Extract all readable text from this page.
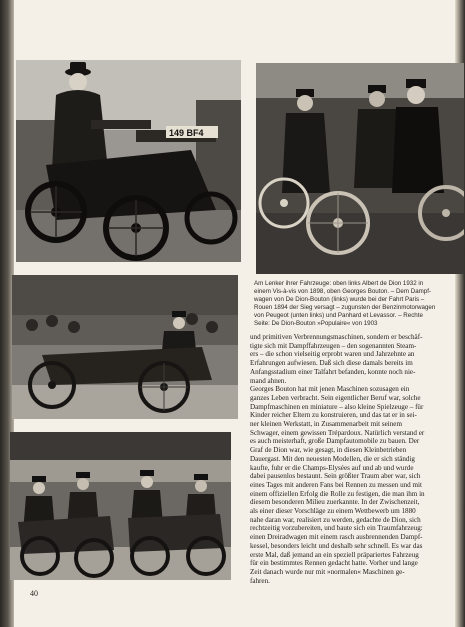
149 BF4
Am Lenker ihrer Fahrzeuge: oben links Albert de Dion 1932 in
einem Vis-à-vis von 1898, oben Georges Bouton. – Dem Dampf-
wagen von De Dion-Bouton (links) wurde bei der Fahrt Paris –
Rouen 1894 der Sieg versagt – zugunsten der Benzinmotorwagen
von Peugeot (unten links) und Panhard et Levassor. – Rechte
Seite: De Dion-Bouton »Populaire« von 1903
und primitiven Verbrennungsmaschinen, sondern er beschäf-
tigte sich mit Dampffahrzeugen – den sogenannten Steam-
ers – die schon vielseitig erprobt waren und Jahrzehnte an
Erfahrungen aufwiesen. Daß sich diese damals bereits im
Anfangsstadium einer Talfahrt befanden, konnte noch nie-
mand ahnen.
Georges Bouton hat mit jenen Maschinen sozusagen ein
ganzes Leben verbracht. Sein eigentlicher Beruf war, solche
Dampfmaschinen en miniature – also kleine Spielzeuge – für
Kinder reicher Eltern zu konstruieren, und das tat er in sei-
ner kleinen Werkstatt, in Zusammenarbeit mit seinem
Schwager, einem gewissen Trépardoux. Natürlich verstand er
es auch meisterhaft, große Dampfautomobile zu bauen. Der
Graf de Dion war, wie gesagt, in diesen Kleinbetrieben
Dauergast. Mit den neuesten Modellen, die er sich ständig
kaufte, fuhr er die Champs-Elysées auf und ab und wurde
dabei pausenlos bestaunt. Sein größter Traum aber war, sich
eines Tages mit anderen Fans bei Rennen zu messen und mit
einem offiziellen Erfolg die Rolle zu festigen, die man ihm in
diesem besonderen Milieu zuerkannte. In der Zwischenzeit,
als einer dieser Vorschläge zu einem Wettbewerb um 1880
nahe daran war, realisiert zu werden, gedachte de Dion, sich
rechtzeitig vorzubereiten, und baute sich ein Traumfahrzeug:
einen Dreiradwagen mit einem rasch ausbrennenden Dampf-
kessel, besonders leicht und deshalb sehr schnell. Es war das
erste Mal, daß jemand an ein speziell präpariertes Fahrzeug
für ein bestimmtes Rennen gedacht hatte. Vorher und lange
Zeit danach wurde nur mit »normalen« Maschinen ge-
fahren.
40
